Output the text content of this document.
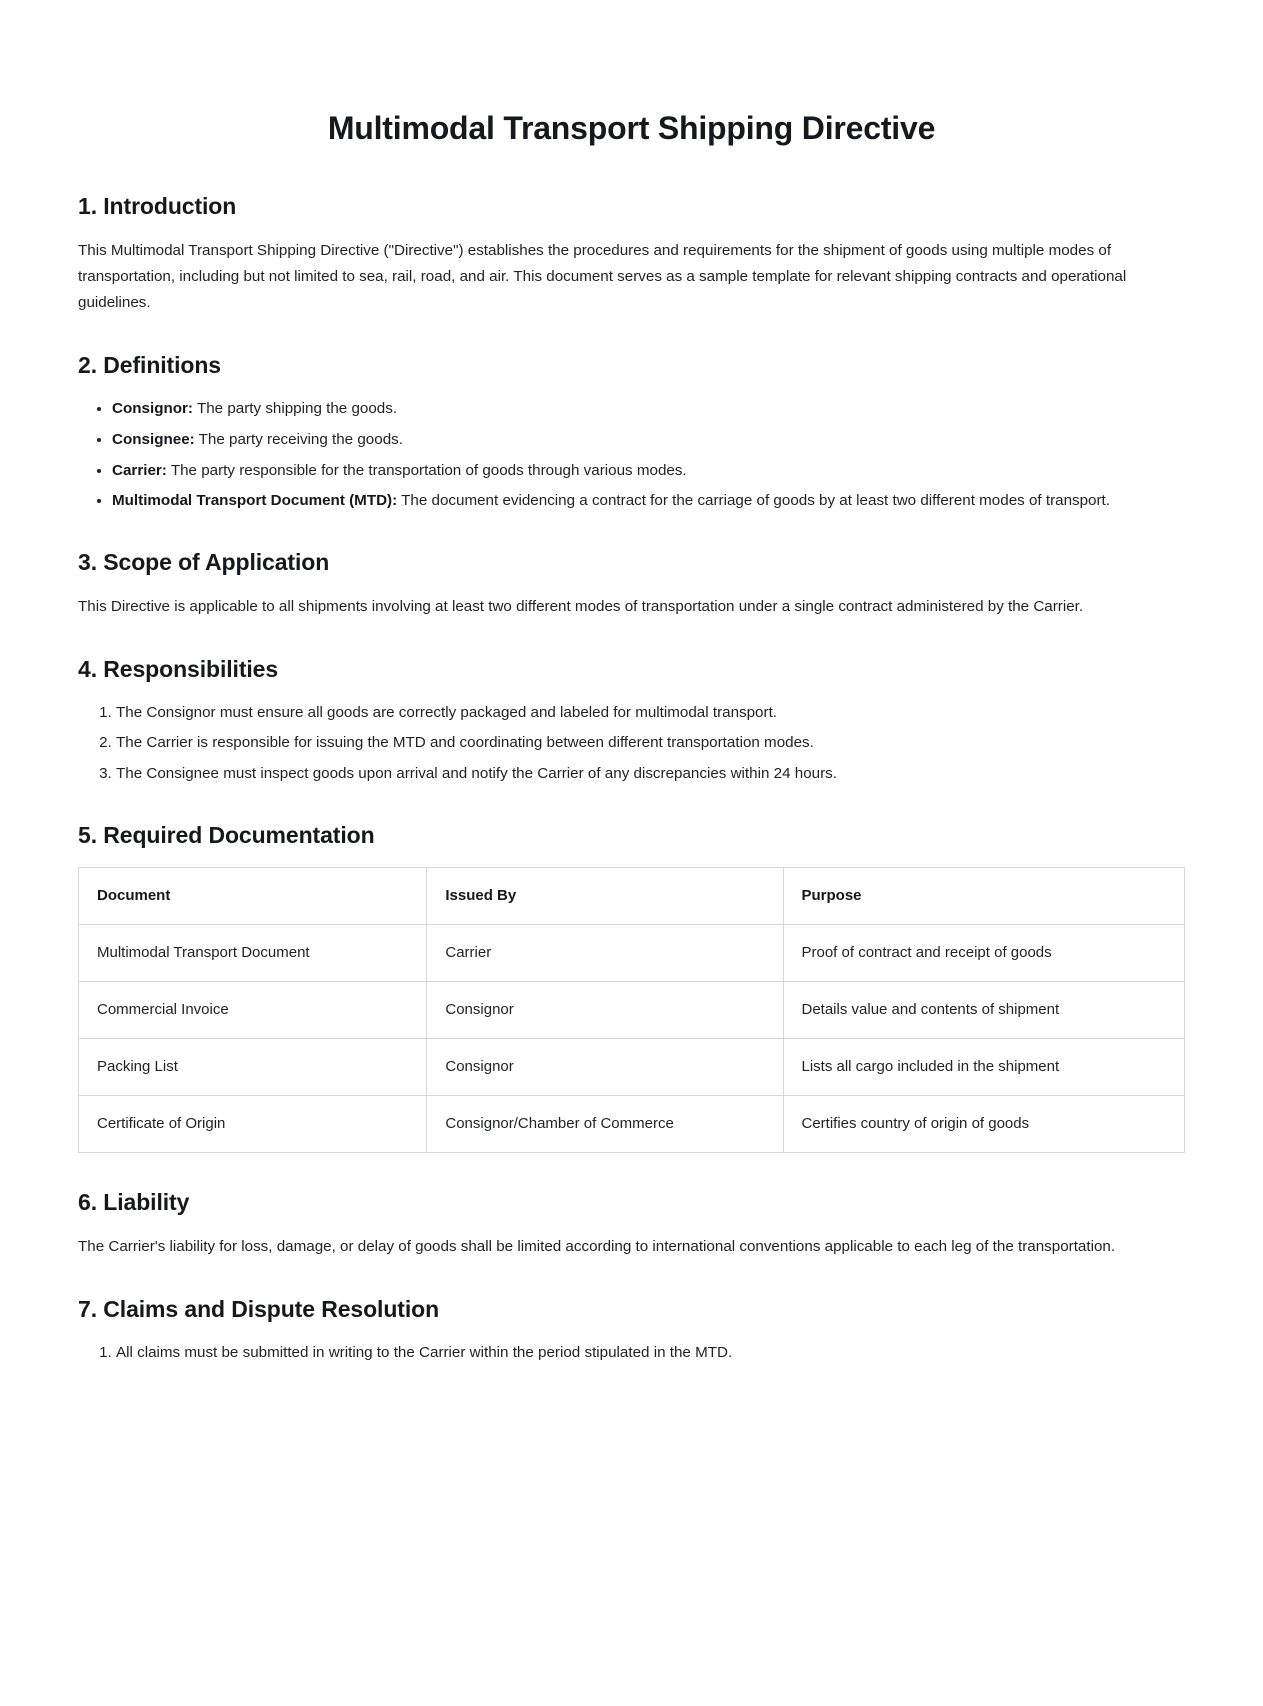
Multimodal Transport Shipping Directive
1. Introduction

This Multimodal Transport Shipping Directive ("Directive") establishes the procedures and requirements for the shipment of goods using multiple modes of transportation, including but not limited to sea, rail, road, and air. This document serves as a sample template for relevant shipping contracts and operational guidelines.

2. Definitions
• Consignor: The party shipping the goods.
• Consignee: The party receiving the goods.
• Carrier: The party responsible for the transportation of goods through various modes.
• Multimodal Transport Document (MTD): The document evidencing a contract for the carriage of goods by at least two different modes of transport.
3. Scope of Application

This Directive is applicable to all shipments involving at least two different modes of transportation under a single contract administered by the Carrier.

4. Responsibilities
1. The Consignor must ensure all goods are correctly packaged and labeled for multimodal transport.
2. The Carrier is responsible for issuing the MTD and coordinating between different transportation modes.
3. The Consignee must inspect goods upon arrival and notify the Carrier of any discrepancies within 24 hours.
5. Required Documentation
Document	Issued By	Purpose
Multimodal Transport Document	Carrier	Proof of contract and receipt of goods
Commercial Invoice	Consignor	Details value and contents of shipment
Packing List	Consignor	Lists all cargo included in the shipment
Certificate of Origin	Consignor/Chamber of Commerce	Certifies country of origin of goods
6. Liability

The Carrier's liability for loss, damage, or delay of goods shall be limited according to international conventions applicable to each leg of the transportation.

7. Claims and Dispute Resolution
1. All claims must be submitted in writing to the Carrier within the period stipulated in the MTD.
